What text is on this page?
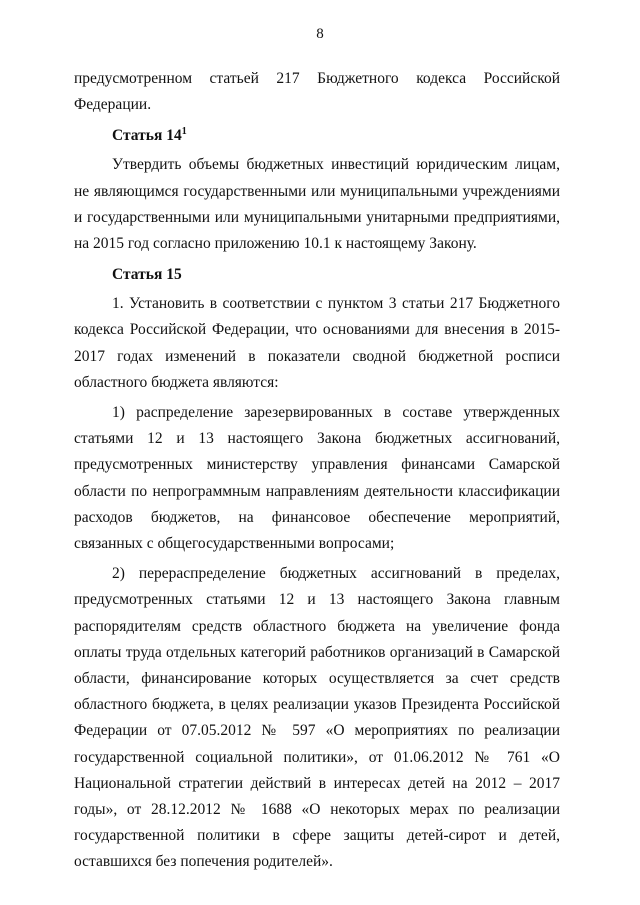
8

предусмотренном статьей 217 Бюджетного кодекса Российской Федерации.

Статья $14^1$

Утвердить объемы бюджетных инвестиций юридическим лицам, не являющимся государственными или муниципальными учреждениями и государственными или муниципальными унитарными предприятиями, на 2015 год согласно приложению 10.1 к настоящему Закону.

Статья 15

1. Установить в соответствии с пунктом 3 статьи 217 Бюджетного кодекса Российской Федерации, что основаниями для внесения в 2015-2017 годах изменений в показатели сводной бюджетной росписи областного бюджета являются:

1) распределение зарезервированных в составе утвержденных статьями 12 и 13 настоящего Закона бюджетных ассигнований, предусмотренных министерству управления финансами Самарской области по непрограммным направлениям деятельности классификации расходов бюджетов, на финансовое обеспечение мероприятий, связанных с общегосударственными вопросами;

2) перераспределение бюджетных ассигнований в пределах, предусмотренных статьями 12 и 13 настоящего Закона главным распорядителям средств областного бюджета на увеличение фонда оплаты труда отдельных категорий работников организаций в Самарской области, финансирование которых осуществляется за счет средств областного бюджета, в целях реализации указов Президента Российской Федерации от 07.05.2012 № 597 «О мероприятиях по реализации государственной социальной политики», от 01.06.2012 № 761 «О Национальной стратегии действий в интересах детей на 2012 – 2017 годы», от 28.12.2012 № 1688 «О некоторых мерах по реализации государственной политики в сфере защиты детей-сирот и детей, оставшихся без попечения родителей».
